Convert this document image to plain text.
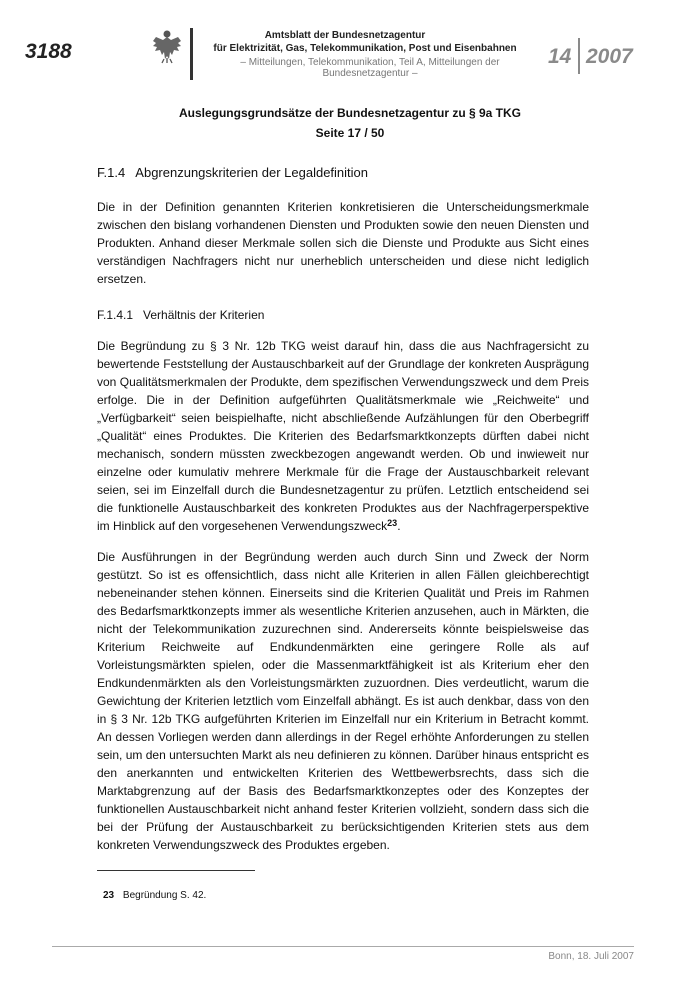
3188
Amtsblatt der Bundesnetzagentur
für Elektrizität, Gas, Telekommunikation, Post und Eisenbahnen
– Mitteilungen, Telekommunikation, Teil A, Mitteilungen der Bundesnetzagentur –
14 2007
Auslegungsgrundsätze der Bundesnetzagentur zu § 9a TKG
Seite 17 / 50
F.1.4   Abgrenzungskriterien der Legaldefinition

Die in der Definition genannten Kriterien konkretisieren die Unterscheidungsmerkmale zwischen den bislang vorhandenen Diensten und Produkten sowie den neuen Diensten und Produkten. Anhand dieser Merkmale sollen sich die Dienste und Produkte aus Sicht eines verständigen Nachfragers nicht nur unerheblich unterscheiden und diese nicht lediglich ersetzen.

F.1.4.1   Verhältnis der Kriterien

Die Begründung zu § 3 Nr. 12b TKG weist darauf hin, dass die aus Nachfragersicht zu bewertende Feststellung der Austauschbarkeit auf der Grundlage der konkreten Ausprägung von Qualitätsmerkmalen der Produkte, dem spezifischen Verwendungszweck und dem Preis erfolge. Die in der Definition aufgeführten Qualitätsmerkmale wie „Reichweite“ und „Verfügbarkeit“ seien beispielhafte, nicht abschließende Aufzählungen für den Oberbegriff „Qualität“ eines Produktes. Die Kriterien des Bedarfsmarktkonzepts dürften dabei nicht mechanisch, sondern müssten zweckbezogen angewandt werden. Ob und inwieweit nur einzelne oder kumulativ mehrere Merkmale für die Frage der Austauschbarkeit relevant seien, sei im Einzelfall durch die Bundesnetzagentur zu prüfen. Letztlich entscheidend sei die funktionelle Austauschbarkeit des konkreten Produktes aus der Nachfragerperspektive im Hinblick auf den vorgesehenen Verwendungszweck$^{23}$.

Die Ausführungen in der Begründung werden auch durch Sinn und Zweck der Norm gestützt. So ist es offensichtlich, dass nicht alle Kriterien in allen Fällen gleichberechtigt nebeneinander stehen können. Einerseits sind die Kriterien Qualität und Preis im Rahmen des Bedarfsmarktkonzepts immer als wesentliche Kriterien anzusehen, auch in Märkten, die nicht der Telekommunikation zuzurechnen sind. Andererseits könnte beispielsweise das Kriterium Reichweite auf Endkundenmärkten eine geringere Rolle als auf Vorleistungsmärkten spielen, oder die Massenmarktfähigkeit ist als Kriterium eher den Endkundenmärkten als den Vorleistungsmärkten zuzuordnen. Dies verdeutlicht, warum die Gewichtung der Kriterien letztlich vom Einzelfall abhängt. Es ist auch denkbar, dass von den in § 3 Nr. 12b TKG aufgeführten Kriterien im Einzelfall nur ein Kriterium in Betracht kommt. An dessen Vorliegen werden dann allerdings in der Regel erhöhte Anforderungen zu stellen sein, um den untersuchten Markt als neu definieren zu können. Darüber hinaus entspricht es den anerkannten und entwickelten Kriterien des Wettbewerbsrechts, dass sich die Marktabgrenzung auf der Basis des Bedarfsmarktkonzeptes oder des Konzeptes der funktionellen Austauschbarkeit nicht anhand fester Kriterien vollzieht, sondern dass sich die bei der Prüfung der Austauschbarkeit zu berücksichtigenden Kriterien stets aus dem konkreten Verwendungszweck des Produktes ergeben.

23 Begründung S. 42.
Bonn, 18. Juli 2007
